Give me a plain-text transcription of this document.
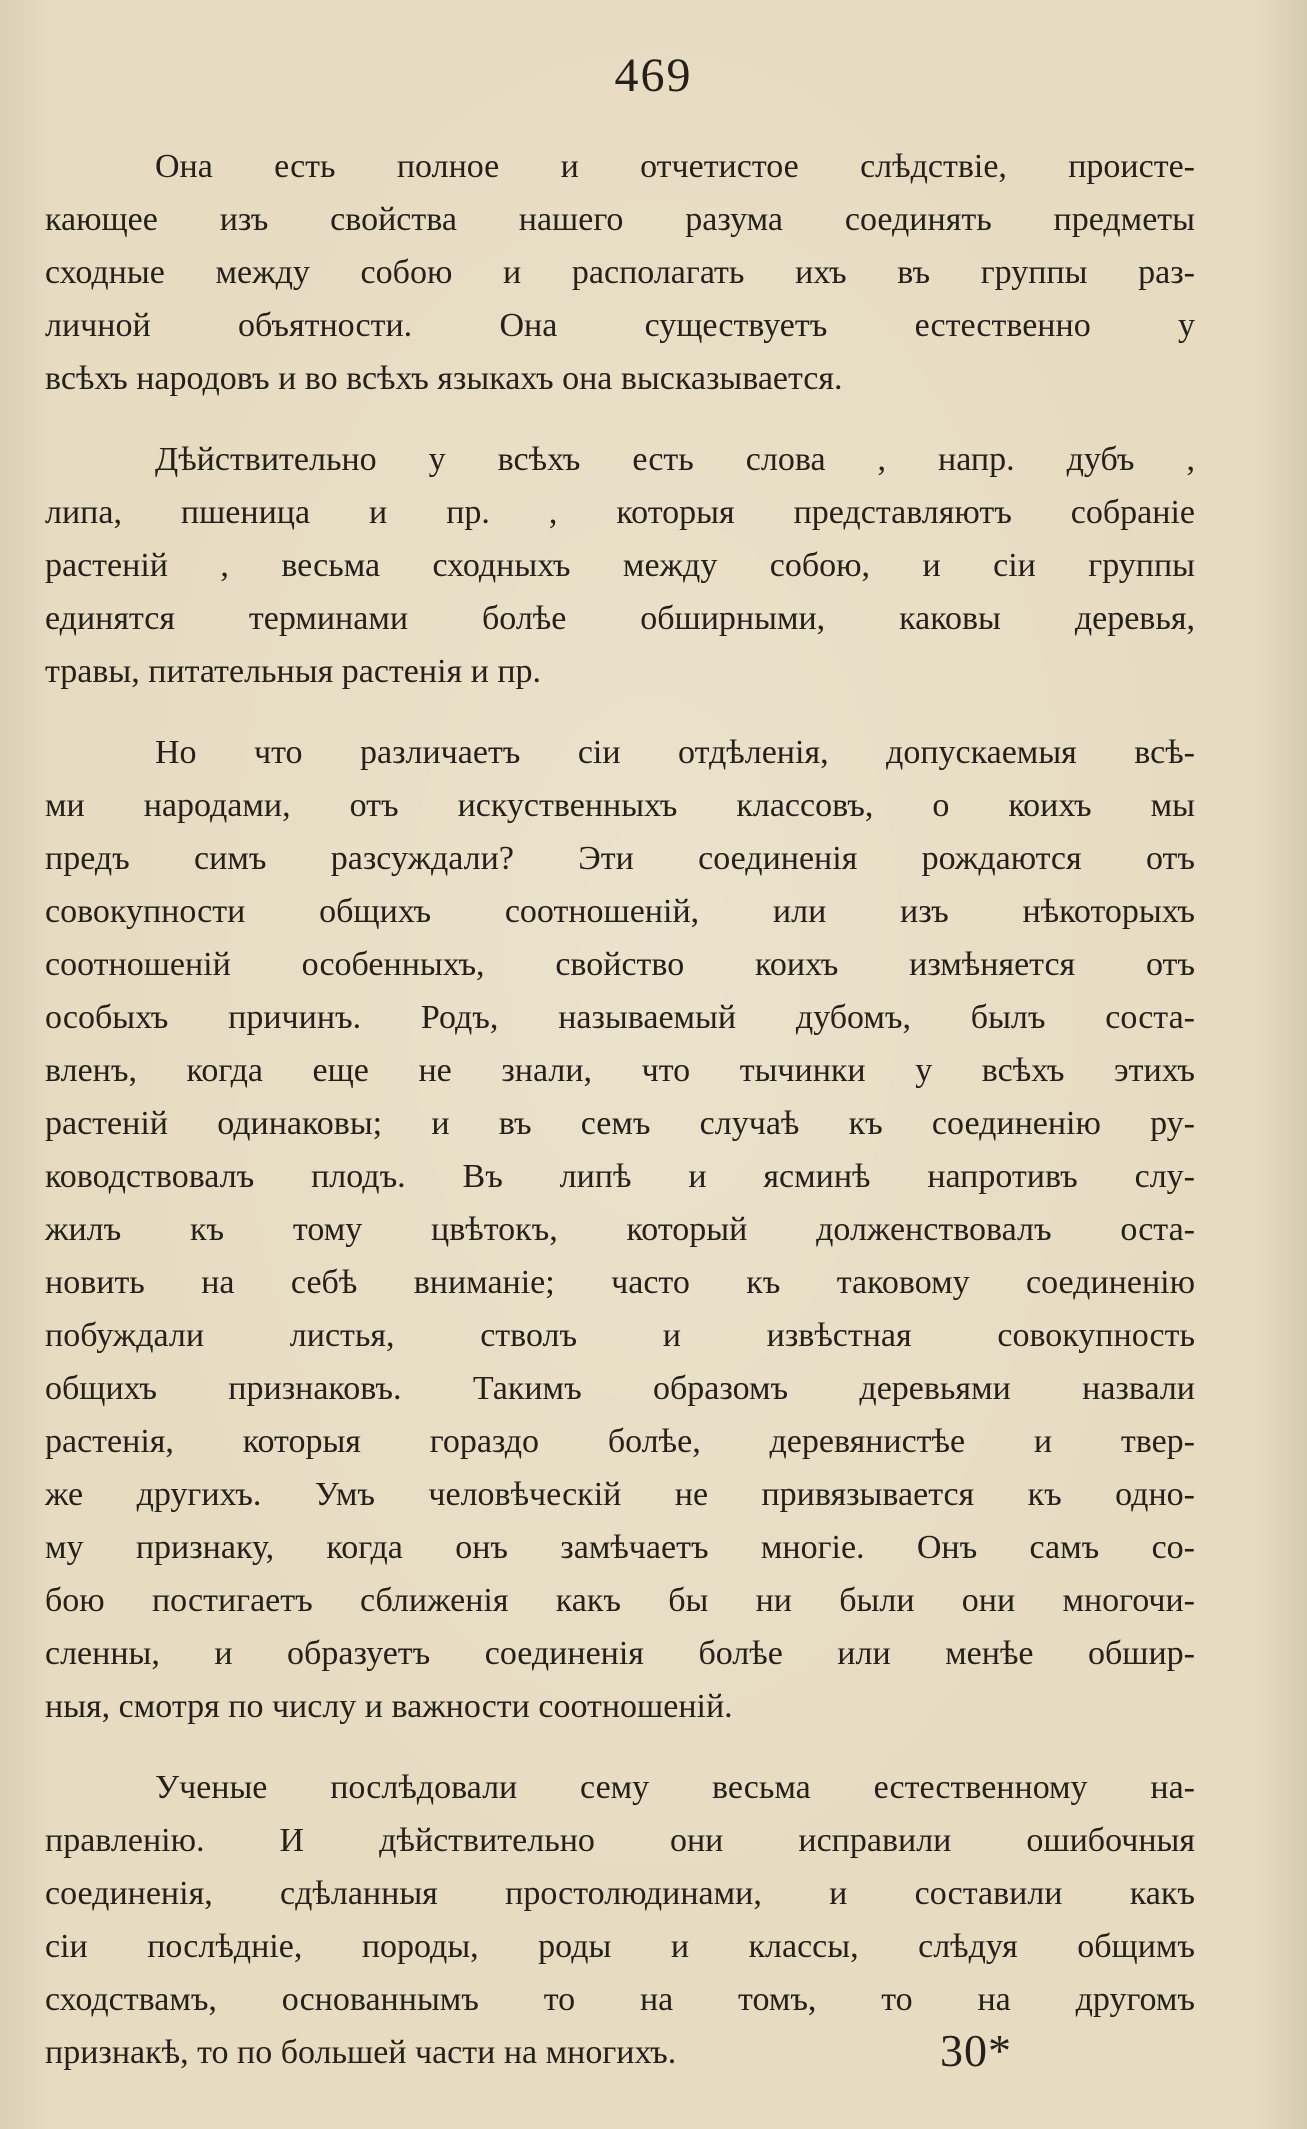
469

Она есть полное и отчетистое слѣдствіе, происте-
кающее изъ свойства нашего разума соединять предметы
сходные между собою и располагать ихъ въ группы раз-
личной объятности. Она существуетъ естественно у
всѣхъ народовъ и во всѣхъ языкахъ она высказывается.

Дѣйствительно у всѣхъ есть слова , напр. дубъ ,
липа, пшеница и пр. , которыя представляютъ собраніе
растеній , весьма сходныхъ между собою, и сіи группы
единятся терминами болѣе обширными, каковы деревья,
травы, питательныя растенія и пр.

Но что различаетъ сіи отдѣленія, допускаемыя всѣ-
ми народами, отъ искуственныхъ классовъ, о коихъ мы
предъ симъ разсуждали? Эти соединенія рождаются отъ
совокупности общихъ соотношеній, или изъ нѣкоторыхъ
соотношеній особенныхъ, свойство коихъ измѣняется отъ
особыхъ причинъ. Родъ, называемый дубомъ, былъ соста-
вленъ, когда еще не знали, что тычинки у всѣхъ этихъ
растеній одинаковы; и въ семъ случаѣ къ соединенію ру-
ководствовалъ плодъ. Въ липѣ и ясминѣ напротивъ слу-
жилъ къ тому цвѣтокъ, который долженствовалъ оста-
новить на себѣ вниманіе; часто къ таковому соединенію
побуждали листья, стволъ и извѣстная совокупность
общихъ признаковъ. Такимъ образомъ деревьями назвали
растенія, которыя гораздо болѣе, деревянистѣе и твер-
же другихъ. Умъ человѣческій не привязывается къ одно-
му признаку, когда онъ замѣчаетъ многіе. Онъ самъ со-
бою постигаетъ сближенія какъ бы ни были они многочи-
сленны, и образуетъ соединенія болѣе или менѣе обшир-
ныя, смотря по числу и важности соотношеній.

Ученые послѣдовали сему весьма естественному на-
правленію. И дѣйствительно они исправили ошибочныя
соединенія, сдѣланныя простолюдинами, и составили какъ
сіи послѣдніе, породы, роды и классы, слѣдуя общимъ
сходствамъ, основаннымъ то на томъ, то на другомъ
признакѣ, то по большей части на многихъ.	30*
